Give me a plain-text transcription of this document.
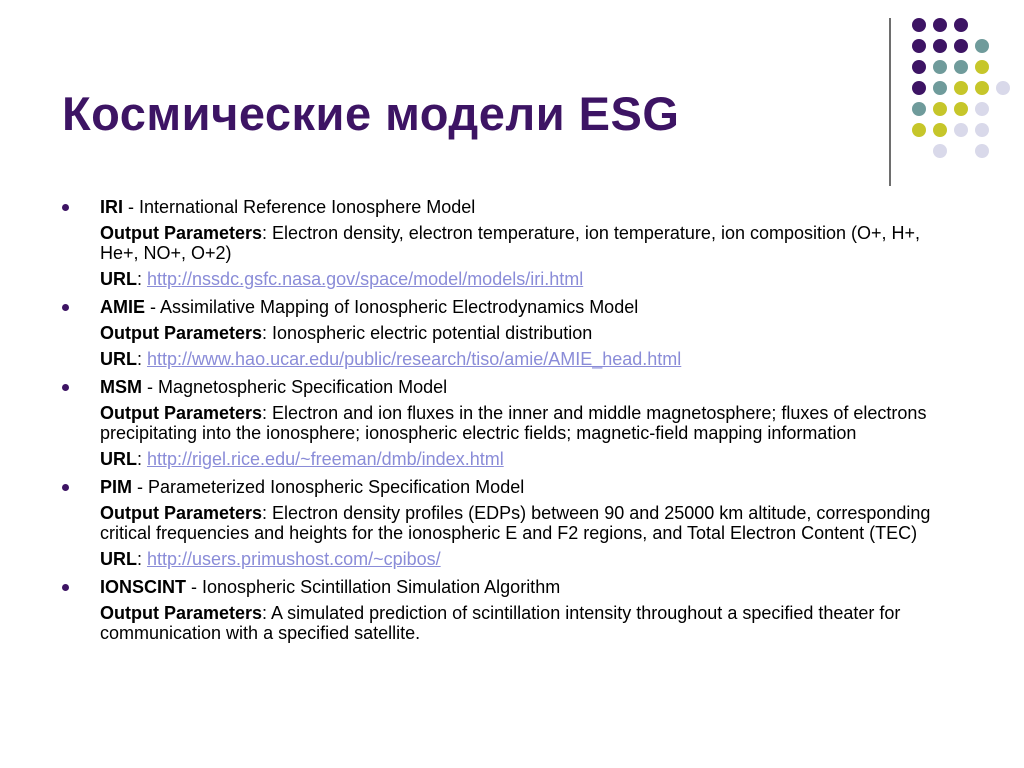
Космические модели ESG
IRI - International Reference Ionosphere Model
Output Parameters: Electron density, electron temperature, ion temperature, ion composition (O+, H+, He+, NO+, O+2)
URL: http://nssdc.gsfc.nasa.gov/space/model/models/iri.html
AMIE - Assimilative Mapping of Ionospheric Electrodynamics Model
Output Parameters: Ionospheric electric potential distribution
URL: http://www.hao.ucar.edu/public/research/tiso/amie/AMIE_head.html
MSM - Magnetospheric Specification Model
Output Parameters: Electron and ion fluxes in the inner and middle magnetosphere; fluxes of electrons precipitating into the ionosphere; ionospheric electric fields; magnetic-field mapping information
URL: http://rigel.rice.edu/~freeman/dmb/index.html
PIM - Parameterized Ionospheric Specification Model
Output Parameters: Electron density profiles (EDPs) between 90 and 25000 km altitude, corresponding critical frequencies and heights for the ionospheric E and F2 regions, and Total Electron Content (TEC)
URL: http://users.primushost.com/~cpibos/
IONSCINT - Ionospheric Scintillation Simulation Algorithm
Output Parameters: A simulated prediction of scintillation intensity throughout a specified theater for communication with a specified satellite.
